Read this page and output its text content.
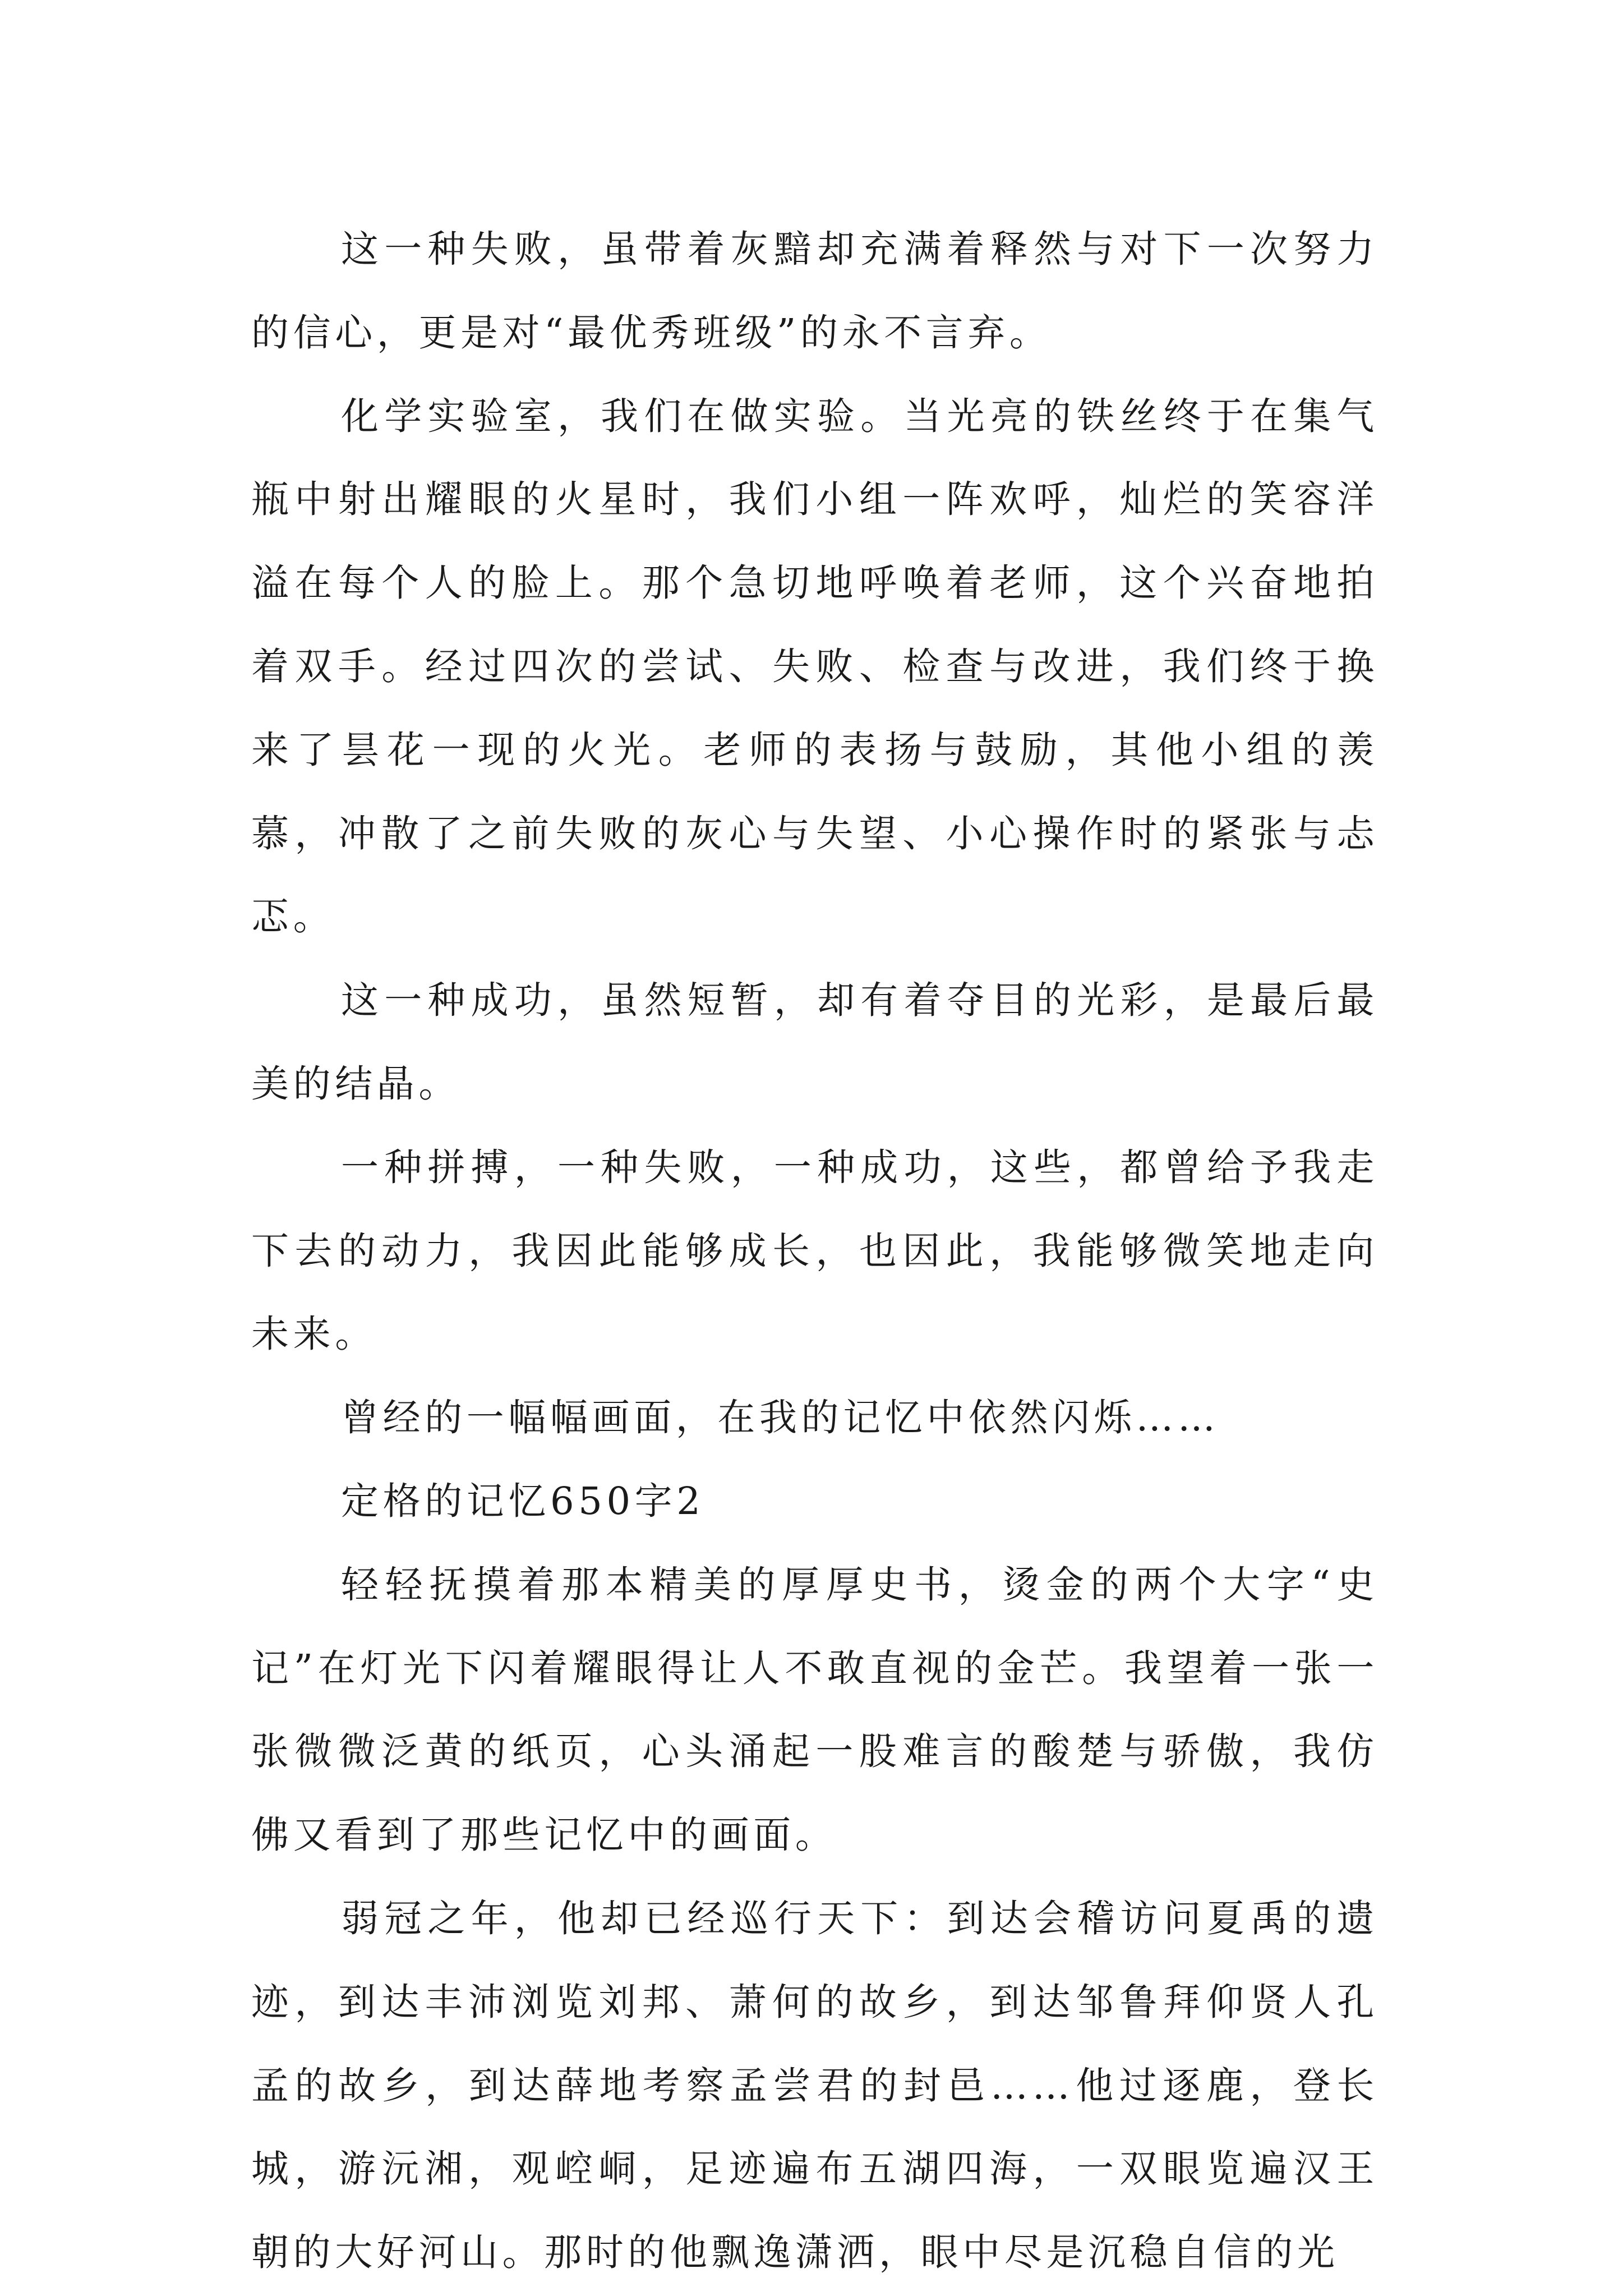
这一种失败，虽带着灰黯却充满着释然与对下一次努力的信心，更是对“最优秀班级”的永不言弃。

化学实验室，我们在做实验。当光亮的铁丝终于在集气瓶中射出耀眼的火星时，我们小组一阵欢呼，灿烂的笑容洋溢在每个人的脸上。那个急切地呼唤着老师，这个兴奋地拍着双手。经过四次的尝试、失败、检查与改进，我们终于换来了昙花一现的火光。老师的表扬与鼓励，其他小组的羡慕，冲散了之前失败的灰心与失望、小心操作时的紧张与忐忑。

这一种成功，虽然短暂，却有着夺目的光彩，是最后最美的结晶。

一种拼搏，一种失败，一种成功，这些，都曾给予我走下去的动力，我因此能够成长，也因此，我能够微笑地走向未来。

曾经的一幅幅画面，在我的记忆中依然闪烁……

定格的记忆650字2

轻轻抚摸着那本精美的厚厚史书，烫金的两个大字“史记”在灯光下闪着耀眼得让人不敢直视的金芒。我望着一张一张微微泛黄的纸页，心头涌起一股难言的酸楚与骄傲，我仿佛又看到了那些记忆中的画面。

弱冠之年，他却已经巡行天下：到达会稽访问夏禹的遗迹，到达丰沛浏览刘邦、萧何的故乡，到达邹鲁拜仰贤人孔孟的故乡，到达薛地考察孟尝君的封邑……他过逐鹿，登长城，游沅湘，观崆峒，足迹遍布五湖四海，一双眼览遍汉王朝的大好河山。那时的他飘逸潇洒，眼中尽是沉稳自信的光
